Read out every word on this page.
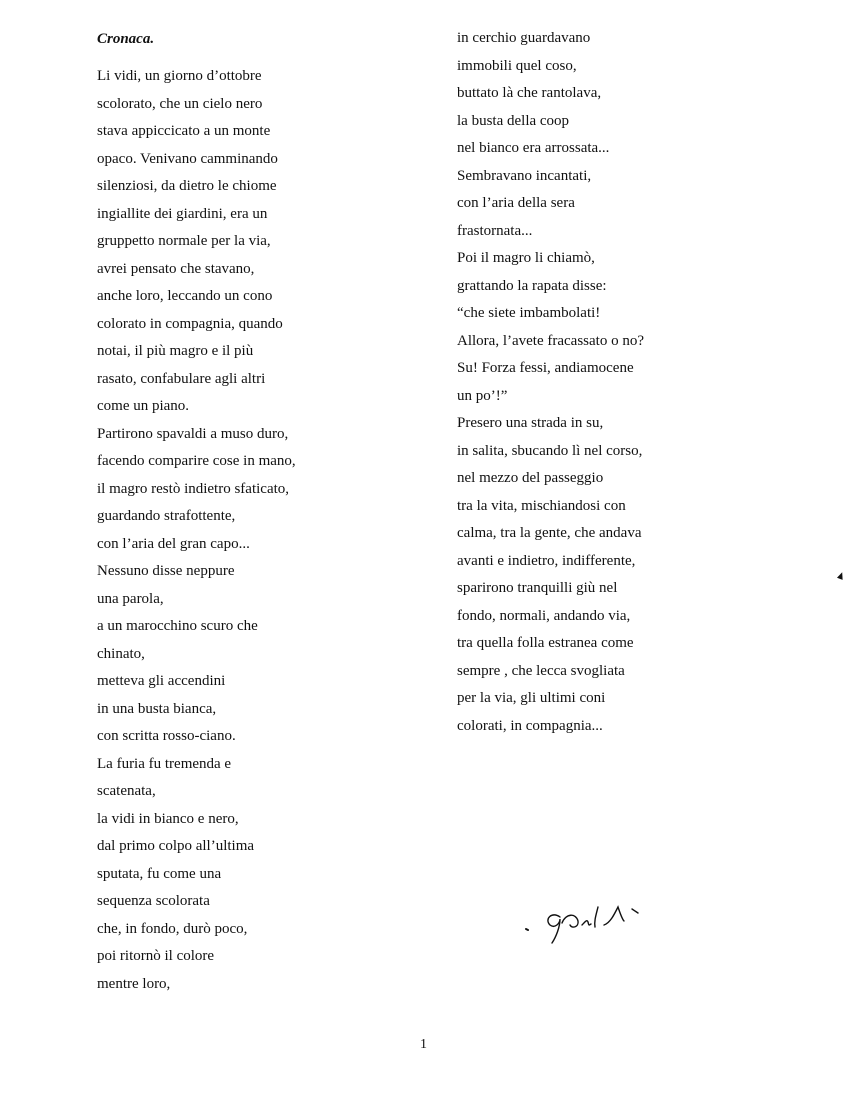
Cronaca.
Li vidi, un giorno d’ottobre
scolorato, che un cielo nero
stava appiccicato a un monte
opaco. Venivano camminando
silenziosi, da dietro le chiome
ingiallite dei giardini, era un
gruppetto normale per la via,
avrei pensato che stavano,
anche loro, leccando un cono
colorato in compagnia, quando
notai, il più magro e il più
rasato, confabulare agli altri
come un piano.
Partirono spavaldi a muso duro,
facendo comparire cose in mano,
il magro restò indietro sfaticato,
guardando strafottente,
con l’aria del gran capo...
Nessuno disse neppure
una parola,
a un marocchino scuro che
chinato,
metteva gli accendini
in una busta bianca,
con scritta rosso-ciano.
La furia fu tremenda e
scatenata,
la vidi in bianco e nero,
dal primo colpo all’ultima
sputata, fu come una
sequenza scolorata
che, in fondo, durò poco,
poi ritornò il colore
mentre loro,
in cerchio guardavano
immobili quel coso,
buttato là che rantolava,
la busta della coop
nel bianco era arrossata...
Sembravano incantati,
con l’aria della sera
frastornata...
Poi il magro li chiamò,
grattando la rapata disse:
“che siete imbambolati!
Allora, l’avete fracassato o no?
Su! Forza fessi, andiamocene
un po’!”
Presero una strada in su,
in salita, sbucando lì nel corso,
nel mezzo del passeggio
tra la vita, mischiandosi con
calma, tra la gente, che andava
avanti e indietro, indifferente,
sparirono tranquilli giù nel
fondo, normali, andando via,
tra quella folla estranea come
sempre , che lecca svogliata
per la via, gli ultimi coni
colorati, in compagnia...
1
